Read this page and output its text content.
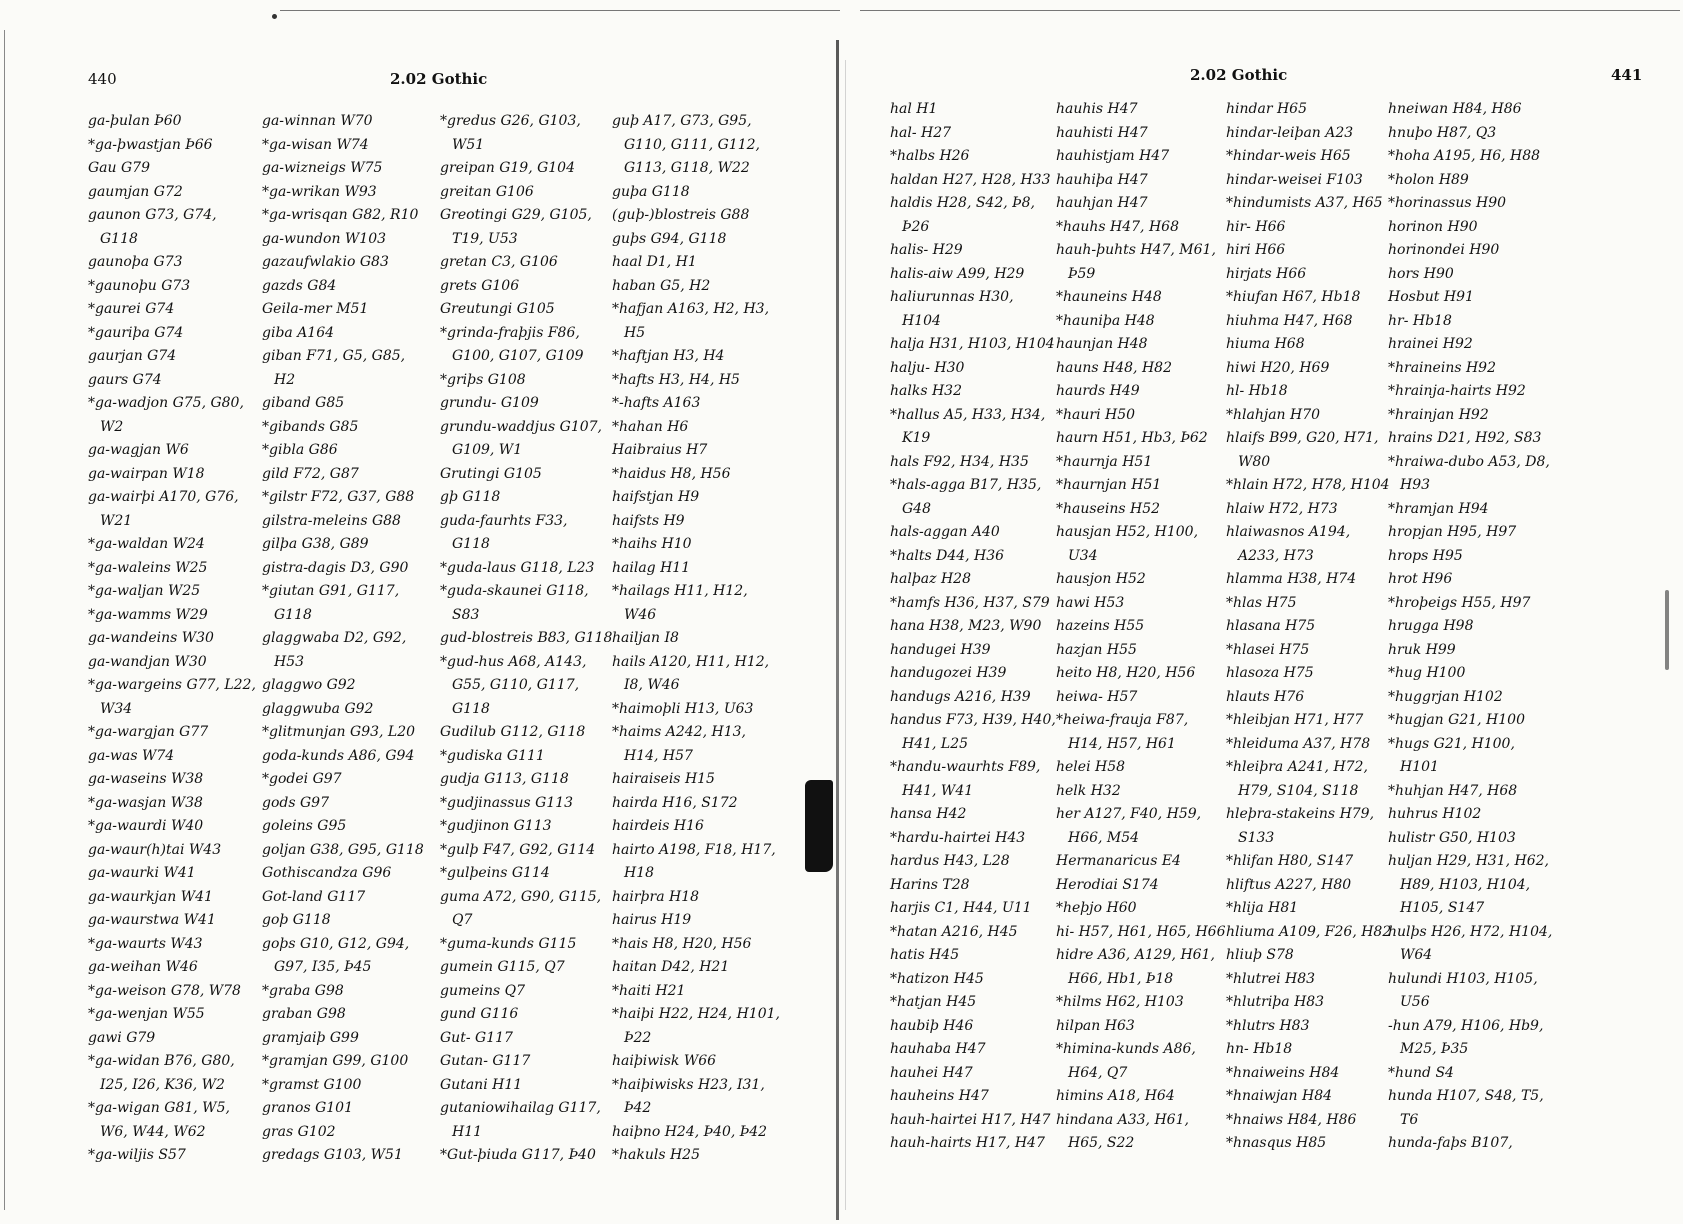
440	2.02 Gothic
ga-þulan Þ60
*ga-þwastjan Þ66
Gau G79
gaumjan G72
gaunon G73, G74,
G118
gaunoþa G73
*gaunoþu G73
*gaurei G74
*gauriþa G74
gaurjan G74
gaurs G74
*ga-wadjon G75, G80,
W2
ga-wagjan W6
ga-wairpan W18
ga-wairþi A170, G76,
W21
*ga-waldan W24
*ga-waleins W25
*ga-waljan W25
*ga-wamms W29
ga-wandeins W30
ga-wandjan W30
*ga-wargeins G77, L22,
W34
*ga-wargjan G77
ga-was W74
ga-waseins W38
*ga-wasjan W38
*ga-waurdi W40
ga-waur(h)tai W43
ga-waurki W41
ga-waurkjan W41
ga-waurstwa W41
*ga-waurts W43
ga-weihan W46
*ga-weison G78, W78
*ga-wenjan W55
gawi G79
*ga-widan B76, G80,
I25, I26, K36, W2
*ga-wigan G81, W5,
W6, W44, W62
*ga-wiljis S57
ga-winnan W70
*ga-wisan W74
ga-wizneigs W75
*ga-wrikan W93
*ga-wrisqan G82, R10
ga-wundon W103
gazaufwlakio G83
gazds G84
Geila-mer M51
giba A164
giban F71, G5, G85,
H2
giband G85
*gibands G85
*gibla G86
gild F72, G87
*gilstr F72, G37, G88
gilstra-meleins G88
gilþa G38, G89
gistra-dagis D3, G90
*giutan G91, G117,
G118
glaggwaba D2, G92,
H53
glaggwo G92
glaggwuba G92
*glitmunjan G93, L20
goda-kunds A86, G94
*godei G97
gods G97
goleins G95
goljan G38, G95, G118
Gothiscandza G96
Got-land G117
goþ G118
goþs G10, G12, G94,
G97, I35, Þ45
*graba G98
graban G98
gramjaiþ G99
*gramjan G99, G100
*gramst G100
granos G101
gras G102
gredags G103, W51
*gredus G26, G103,
W51
greipan G19, G104
greitan G106
Greotingi G29, G105,
T19, U53
gretan C3, G106
grets G106
Greutungi G105
*grinda-fraþjis F86,
G100, G107, G109
*griþs G108
grundu- G109
grundu-waddjus G107,
G109, W1
Grutingi G105
gþ G118
guda-faurhts F33,
G118
*guda-laus G118, L23
*guda-skaunei G118,
S83
gud-blostreis B83, G118
*gud-hus A68, A143,
G55, G110, G117,
G118
Gudilub G112, G118
*gudiska G111
gudja G113, G118
*gudjinassus G113
*gudjinon G113
*gulþ F47, G92, G114
*gulþeins G114
guma A72, G90, G115,
Q7
*guma-kunds G115
gumein G115, Q7
gumeins Q7
gund G116
Gut- G117
Gutan- G117
Gutani H11
gutaniowihailag G117,
H11
*Gut-þiuda G117, Þ40
guþ A17, G73, G95,
G110, G111, G112,
G113, G118, W22
guþa G118
(guþ-)blostreis G88
guþs G94, G118
haal D1, H1
haban G5, H2
*hafjan A163, H2, H3,
H5
*haftjan H3, H4
*hafts H3, H4, H5
*-hafts A163
*hahan H6
Haibraius H7
*haidus H8, H56
haifstjan H9
haifsts H9
*haihs H10
hailag H11
*hailags H11, H12,
W46
hailjan I8
hails A120, H11, H12,
I8, W46
*haimoþli H13, U63
*haims A242, H13,
H14, H57
hairaiseis H15
hairda H16, S172
hairdeis H16
hairto A198, F18, H17,
H18
hairþra H18
hairus H19
*hais H8, H20, H56
haitan D42, H21
*haiti H21
*haiþi H22, H24, H101,
Þ22
haiþiwisk W66
*haiþiwisks H23, I31,
Þ42
haiþno H24, Þ40, Þ42
*hakuls H25
2.02 Gothic	441
hal H1
hal- H27
*halbs H26
haldan H27, H28, H33
haldis H28, S42, Þ8,
Þ26
halis- H29
halis-aiw A99, H29
haliurunnas H30,
H104
halja H31, H103, H104
halju- H30
halks H32
*hallus A5, H33, H34,
K19
hals F92, H34, H35
*hals-agga B17, H35,
G48
hals-aggan A40
*halts D44, H36
halþaz H28
*hamfs H36, H37, S79
hana H38, M23, W90
handugei H39
handugozei H39
handugs A216, H39
handus F73, H39, H40,
H41, L25
*handu-waurhts F89,
H41, W41
hansa H42
*hardu-hairtei H43
hardus H43, L28
Harins T28
harjis C1, H44, U11
*hatan A216, H45
hatis H45
*hatizon H45
*hatjan H45
haubiþ H46
hauhaba H47
hauhei H47
hauheins H47
hauh-hairtei H17, H47
hauh-hairts H17, H47
hauhis H47
hauhisti H47
hauhistjam H47
hauhiþa H47
hauhjan H47
*hauhs H47, H68
hauh-þuhts H47, M61,
Þ59
*hauneins H48
*hauniþa H48
haunjan H48
hauns H48, H82
haurds H49
*hauri H50
haurn H51, Hb3, Þ62
*haurnja H51
*haurnjan H51
*hauseins H52
hausjan H52, H100,
U34
hausjon H52
hawi H53
hazeins H55
hazjan H55
heito H8, H20, H56
heiwa- H57
*heiwa-frauja F87,
H14, H57, H61
helei H58
helk H32
her A127, F40, H59,
H66, M54
Hermanaricus E4
Herodiai S174
*heþjo H60
hi- H57, H61, H65, H66
hidre A36, A129, H61,
H66, Hb1, Þ18
*hilms H62, H103
hilpan H63
*himina-kunds A86,
H64, Q7
himins A18, H64
hindana A33, H61,
H65, S22
hindar H65
hindar-leiþan A23
*hindar-weis H65
hindar-weisei F103
*hindumists A37, H65
hir- H66
hiri H66
hirjats H66
*hiufan H67, Hb18
hiuhma H47, H68
hiuma H68
hiwi H20, H69
hl- Hb18
*hlahjan H70
hlaifs B99, G20, H71,
W80
*hlain H72, H78, H104
hlaiw H72, H73
hlaiwasnos A194,
A233, H73
hlamma H38, H74
*hlas H75
hlasana H75
*hlasei H75
hlasoza H75
hlauts H76
*hleibjan H71, H77
*hleiduma A37, H78
*hleiþra A241, H72,
H79, S104, S118
hleþra-stakeins H79,
S133
*hlifan H80, S147
hliftus A227, H80
*hlija H81
hliuma A109, F26, H82
hliuþ S78
*hlutrei H83
*hlutriþa H83
*hlutrs H83
hn- Hb18
*hnaiweins H84
*hnaiwjan H84
*hnaiws H84, H86
*hnasqus H85
hneiwan H84, H86
hnuþo H87, Q3
*hoha A195, H6, H88
*holon H89
*horinassus H90
horinon H90
horinondei H90
hors H90
Hosbut H91
hr- Hb18
hrainei H92
*hraineins H92
*hrainja-hairts H92
*hrainjan H92
hrains D21, H92, S83
*hraiwa-dubo A53, D8,
H93
*hramjan H94
hropjan H95, H97
hrops H95
hrot H96
*hroþeigs H55, H97
hrugga H98
hruk H99
*hug H100
*huggrjan H102
*hugjan G21, H100
*hugs G21, H100,
H101
*huhjan H47, H68
huhrus H102
hulistr G50, H103
huljan H29, H31, H62,
H89, H103, H104,
H105, S147
hulþs H26, H72, H104,
W64
hulundi H103, H105,
U56
-hun A79, H106, Hb9,
M25, Þ35
*hund S4
hunda H107, S48, T5,
T6
hunda-faþs B107,
